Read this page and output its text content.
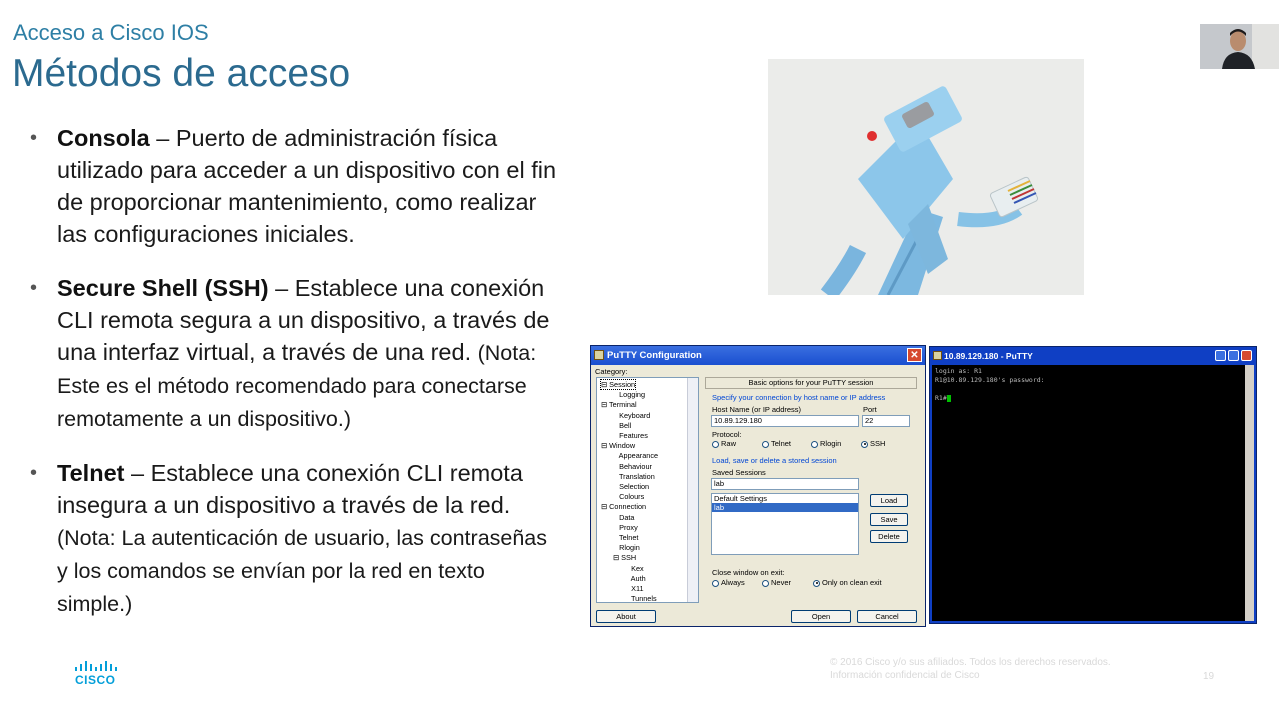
Acceso a Cisco IOS
Métodos de acceso
• Consola – Puerto de administración física utilizado para acceder a un dispositivo con el fin de proporcionar mantenimiento, como realizar las configuraciones iniciales.
• Secure Shell (SSH) – Establece una conexión CLI remota segura a un dispositivo, a través de una interfaz virtual, a través de una red. (Nota: Este es el método recomendado para conectarse remotamente a un dispositivo.)
• Telnet – Establece una conexión CLI remota insegura a un dispositivo a través de la red. (Nota: La autenticación de usuario, las contraseñas y los comandos se envían por la red en texto simple.)
PuTTY Configuration	✕
Category:
⊟ Session
Logging
⊟ Terminal
Keyboard
Bell
Features
⊟ Window
Appearance
Behaviour
Translation
Selection
Colours
⊟ Connection
Data
Proxy
Telnet
Rlogin
⊟ SSH
Kex
Auth
X11
Tunnels
Basic options for your PuTTY session
Specify your connection by host name or IP address
Host Name (or IP address)
10.89.129.180
Port
22
Protocol:
Raw	Telnet	Rlogin	SSH
Load, save or delete a stored session
Saved Sessions
lab
Default Settings
lab
Load
Save
Delete
Close window on exit:
Always	Never	Only on clean exit
About	Open	Cancel
10.89.129.180 - PuTTY
login as: R1
R1@10.89.129.180's password:

R1#
CISCO
© 2016 Cisco y/o sus afiliados. Todos los derechos reservados.
Información confidencial de Cisco	19
